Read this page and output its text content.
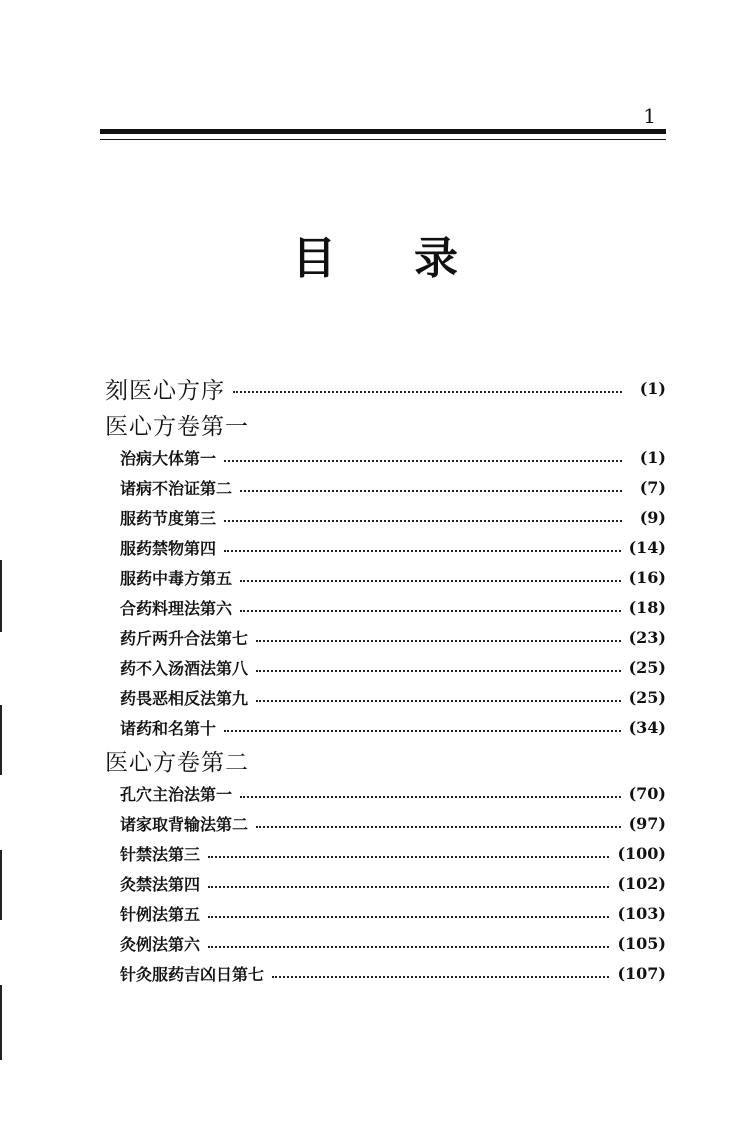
1
目录
刻医心方序	(1)
医心方卷第一
治病大体第一	(1)
诸病不治证第二	(7)
服药节度第三	(9)
服药禁物第四	(14)
服药中毒方第五	(16)
合药料理法第六	(18)
药斤两升合法第七	(23)
药不入汤酒法第八	(25)
药畏恶相反法第九	(25)
诸药和名第十	(34)
医心方卷第二
孔穴主治法第一	(70)
诸家取背输法第二	(97)
针禁法第三	(100)
灸禁法第四	(102)
针例法第五	(103)
灸例法第六	(105)
针灸服药吉凶日第七	(107)
